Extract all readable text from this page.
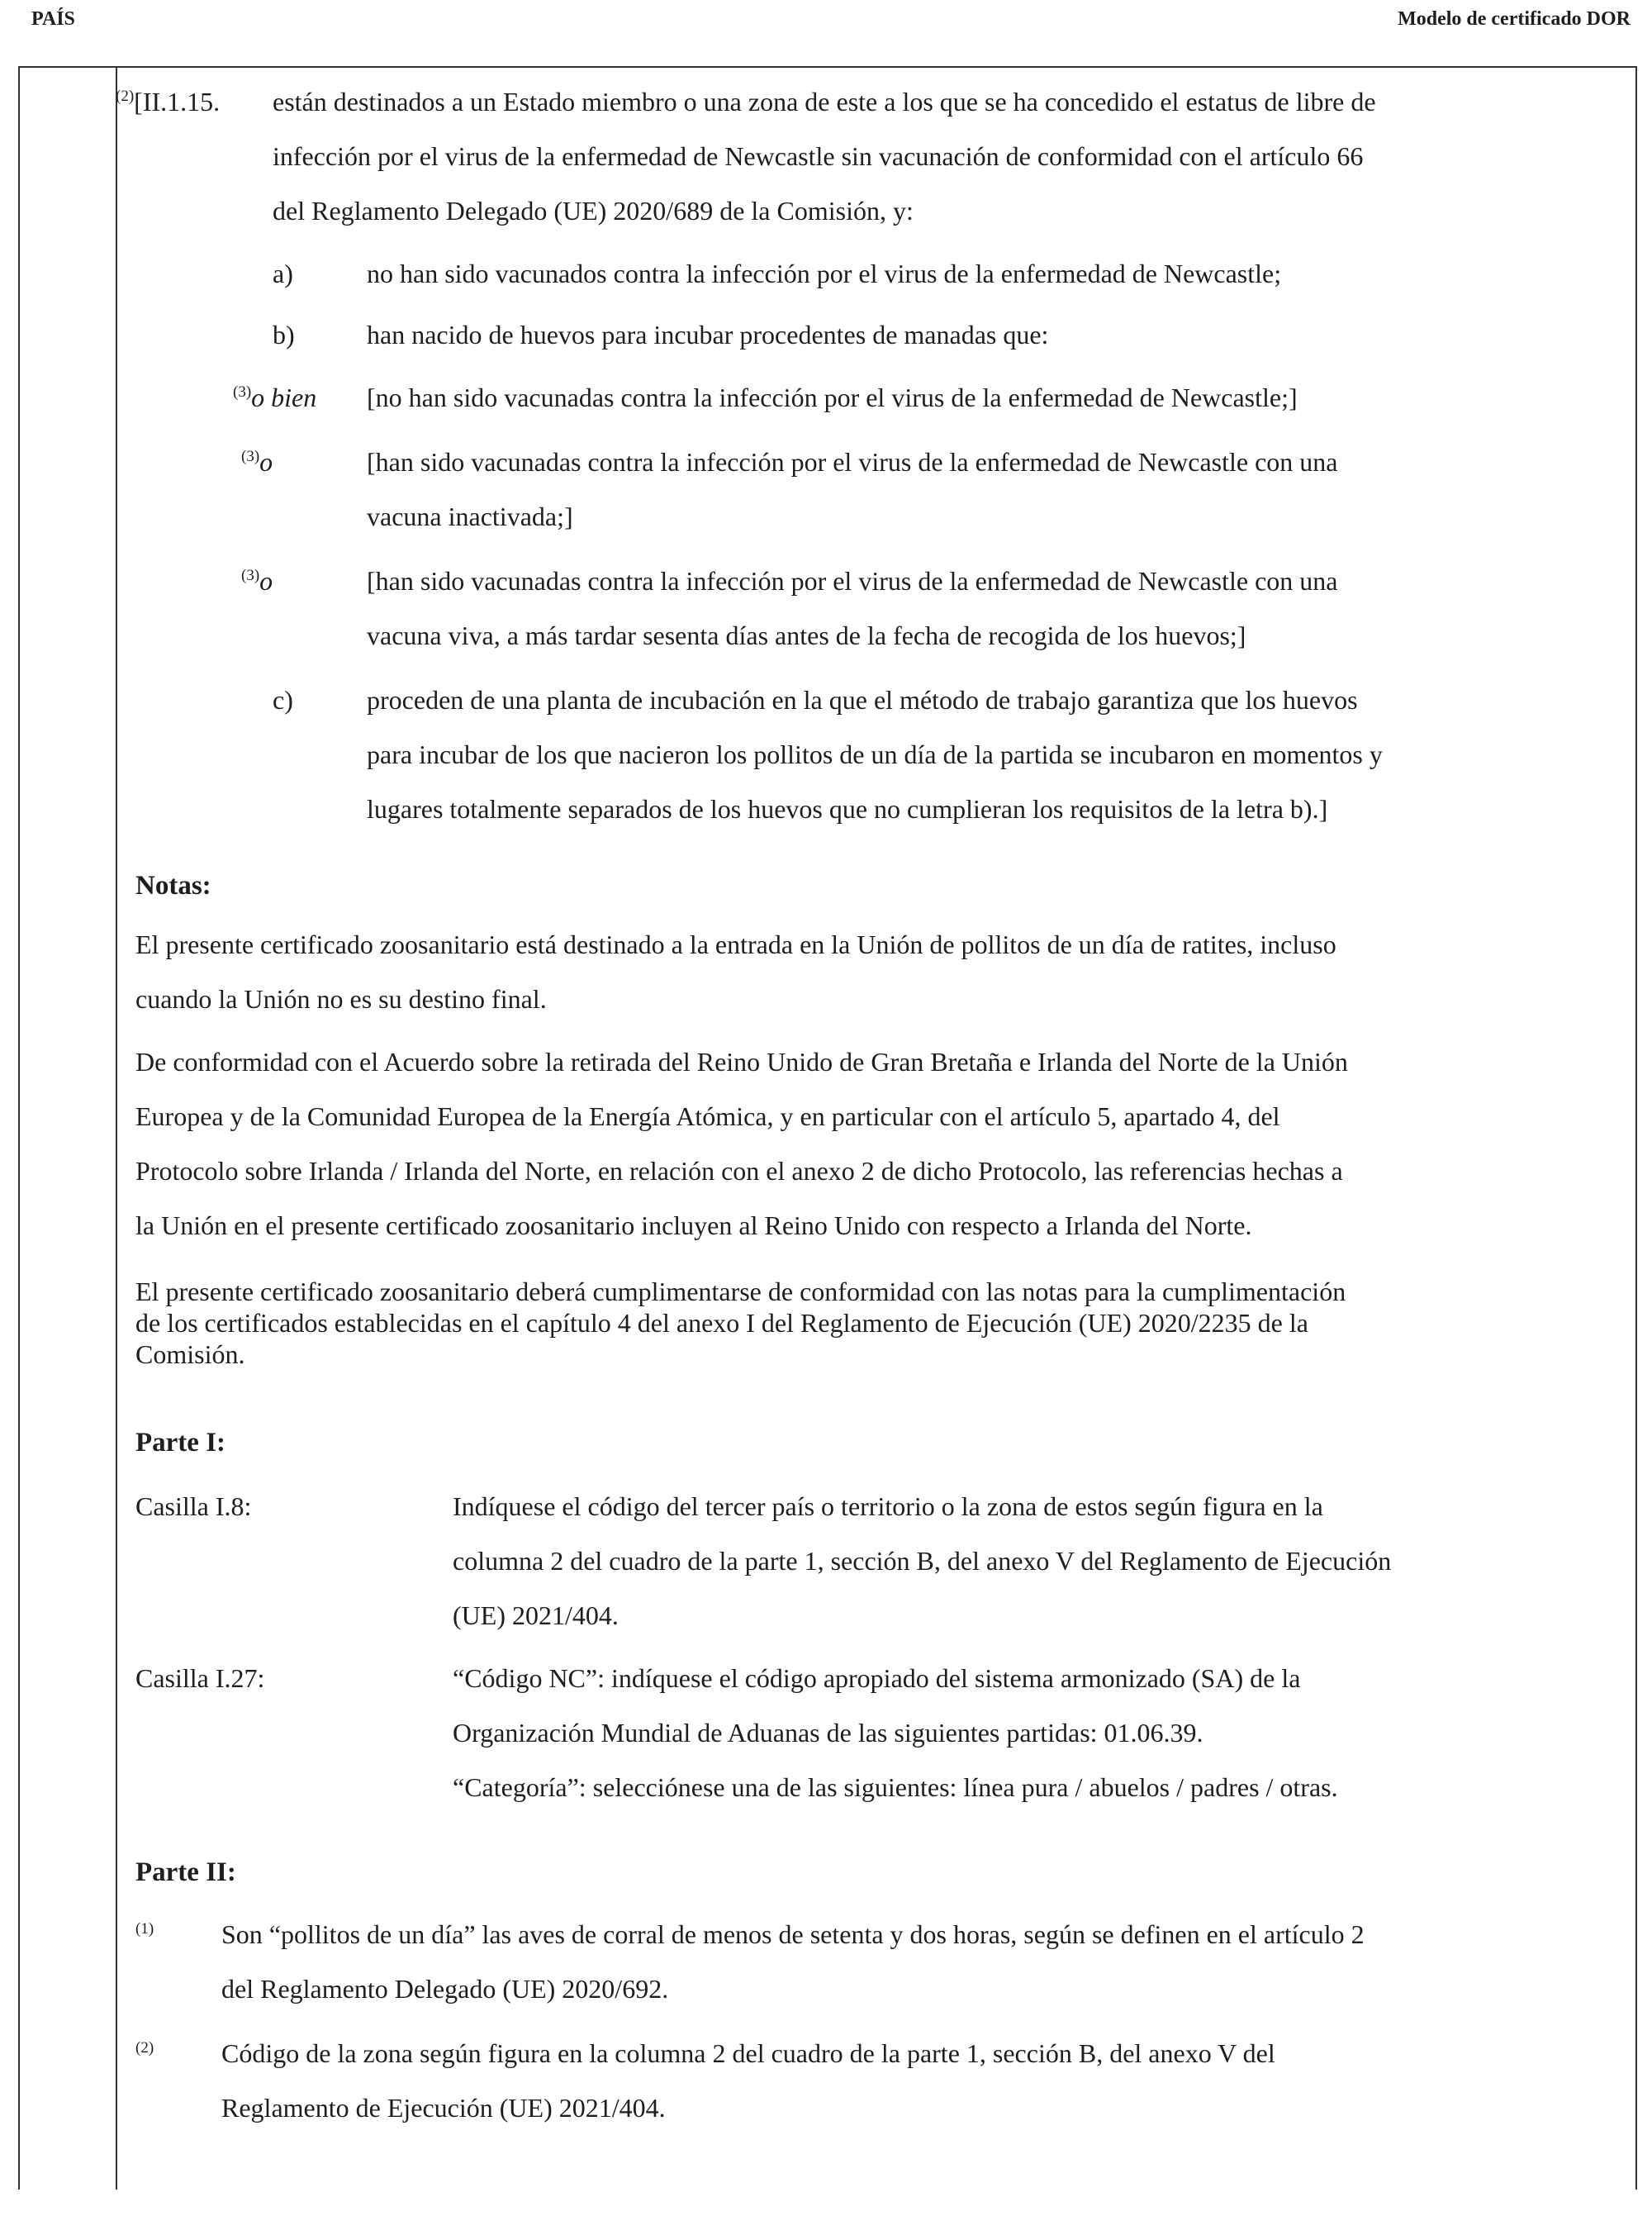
PAÍS	Modelo de certificado DOR
$^{(2)}$[II.1.15. están destinados a un Estado miembro o una zona de este a los que se ha concedido el estatus de libre de
infección por el virus de la enfermedad de Newcastle sin vacunación de conformidad con el artículo 66
del Reglamento Delegado (UE) 2020/689 de la Comisión, y:
a)	no han sido vacunados contra la infección por el virus de la enfermedad de Newcastle;
b)	han nacido de huevos para incubar procedentes de manadas que:
$^{(3)}$o bien [no han sido vacunadas contra la infección por el virus de la enfermedad de Newcastle;]
$^{(3)}$o	[han sido vacunadas contra la infección por el virus de la enfermedad de Newcastle con una
vacuna inactivada;]
$^{(3)}$o	[han sido vacunadas contra la infección por el virus de la enfermedad de Newcastle con una
vacuna viva, a más tardar sesenta días antes de la fecha de recogida de los huevos;]
c)	proceden de una planta de incubación en la que el método de trabajo garantiza que los huevos
para incubar de los que nacieron los pollitos de un día de la partida se incubaron en momentos y
lugares totalmente separados de los huevos que no cumplieran los requisitos de la letra b).]
Notas:
El presente certificado zoosanitario está destinado a la entrada en la Unión de pollitos de un día de ratites, incluso
cuando la Unión no es su destino final.
De conformidad con el Acuerdo sobre la retirada del Reino Unido de Gran Bretaña e Irlanda del Norte de la Unión
Europea y de la Comunidad Europea de la Energía Atómica, y en particular con el artículo 5, apartado 4, del
Protocolo sobre Irlanda / Irlanda del Norte, en relación con el anexo 2 de dicho Protocolo, las referencias hechas a
la Unión en el presente certificado zoosanitario incluyen al Reino Unido con respecto a Irlanda del Norte.
El presente certificado zoosanitario deberá cumplimentarse de conformidad con las notas para la cumplimentación
de los certificados establecidas en el capítulo 4 del anexo I del Reglamento de Ejecución (UE) 2020/2235 de la
Comisión.
Parte I:
Casilla I.8:	Indíquese el código del tercer país o territorio o la zona de estos según figura en la
columna 2 del cuadro de la parte 1, sección B, del anexo V del Reglamento de Ejecución
(UE) 2021/404.
Casilla I.27:	“Código NC”: indíquese el código apropiado del sistema armonizado (SA) de la
Organización Mundial de Aduanas de las siguientes partidas: 01.06.39.
“Categoría”: selecciónese una de las siguientes: línea pura / abuelos / padres / otras.
Parte II:
$^{(1)}$	Son “pollitos de un día” las aves de corral de menos de setenta y dos horas, según se definen en el artículo 2
del Reglamento Delegado (UE) 2020/692.
$^{(2)}$	Código de la zona según figura en la columna 2 del cuadro de la parte 1, sección B, del anexo V del
Reglamento de Ejecución (UE) 2021/404.
